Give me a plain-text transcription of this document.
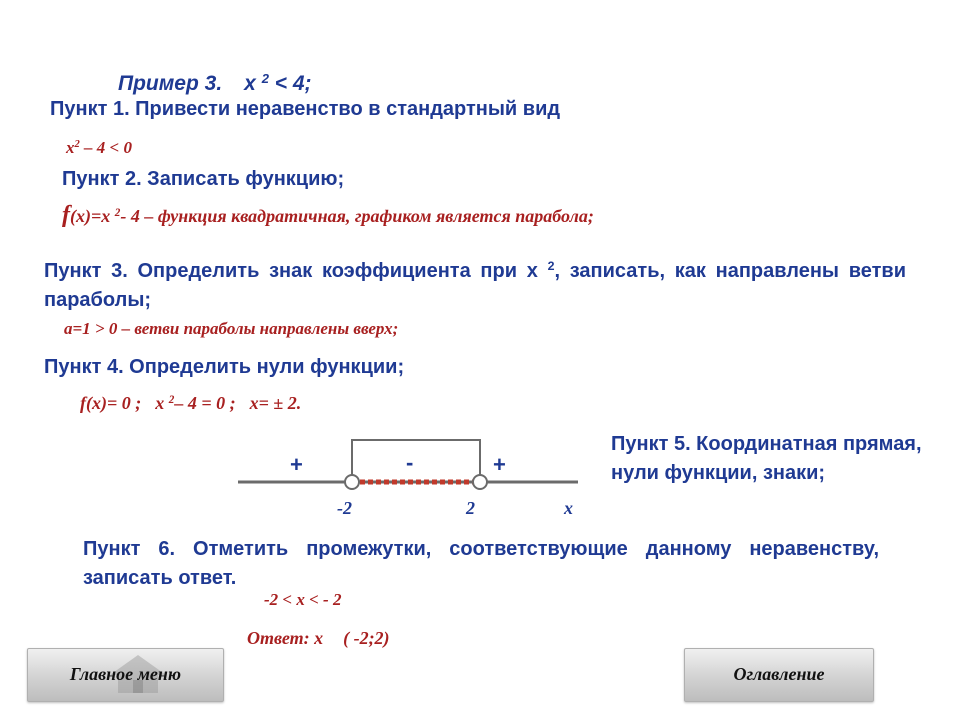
Пример 3. x $^2$ < 4;
Пункт 1. Привести неравенство в стандартный вид
$x^2 - 4 < 0$
Пункт 2. Записать функцию;
f(x)=x $^2$- 4 – функция квадратичная, графиком является парабола;
Пункт 3. Определить знак коэффициента при x $^2$, записать, как направлены ветви параболы;
a=1 > 0 – ветви параболы направлены вверх;
Пункт 4. Определить нули функции;
f(x)= 0 ; x $^2$– 4 = 0 ; x= ± 2.
+	-	+
-2	2	x
Пункт 5. Координатная прямая, нули функции, знаки;
Пункт 6. Отметить промежутки, соответствующие данному неравенству, записать ответ.
-2 < x < - 2
Ответ: x ( -2;2)
Главное меню	Оглавление
